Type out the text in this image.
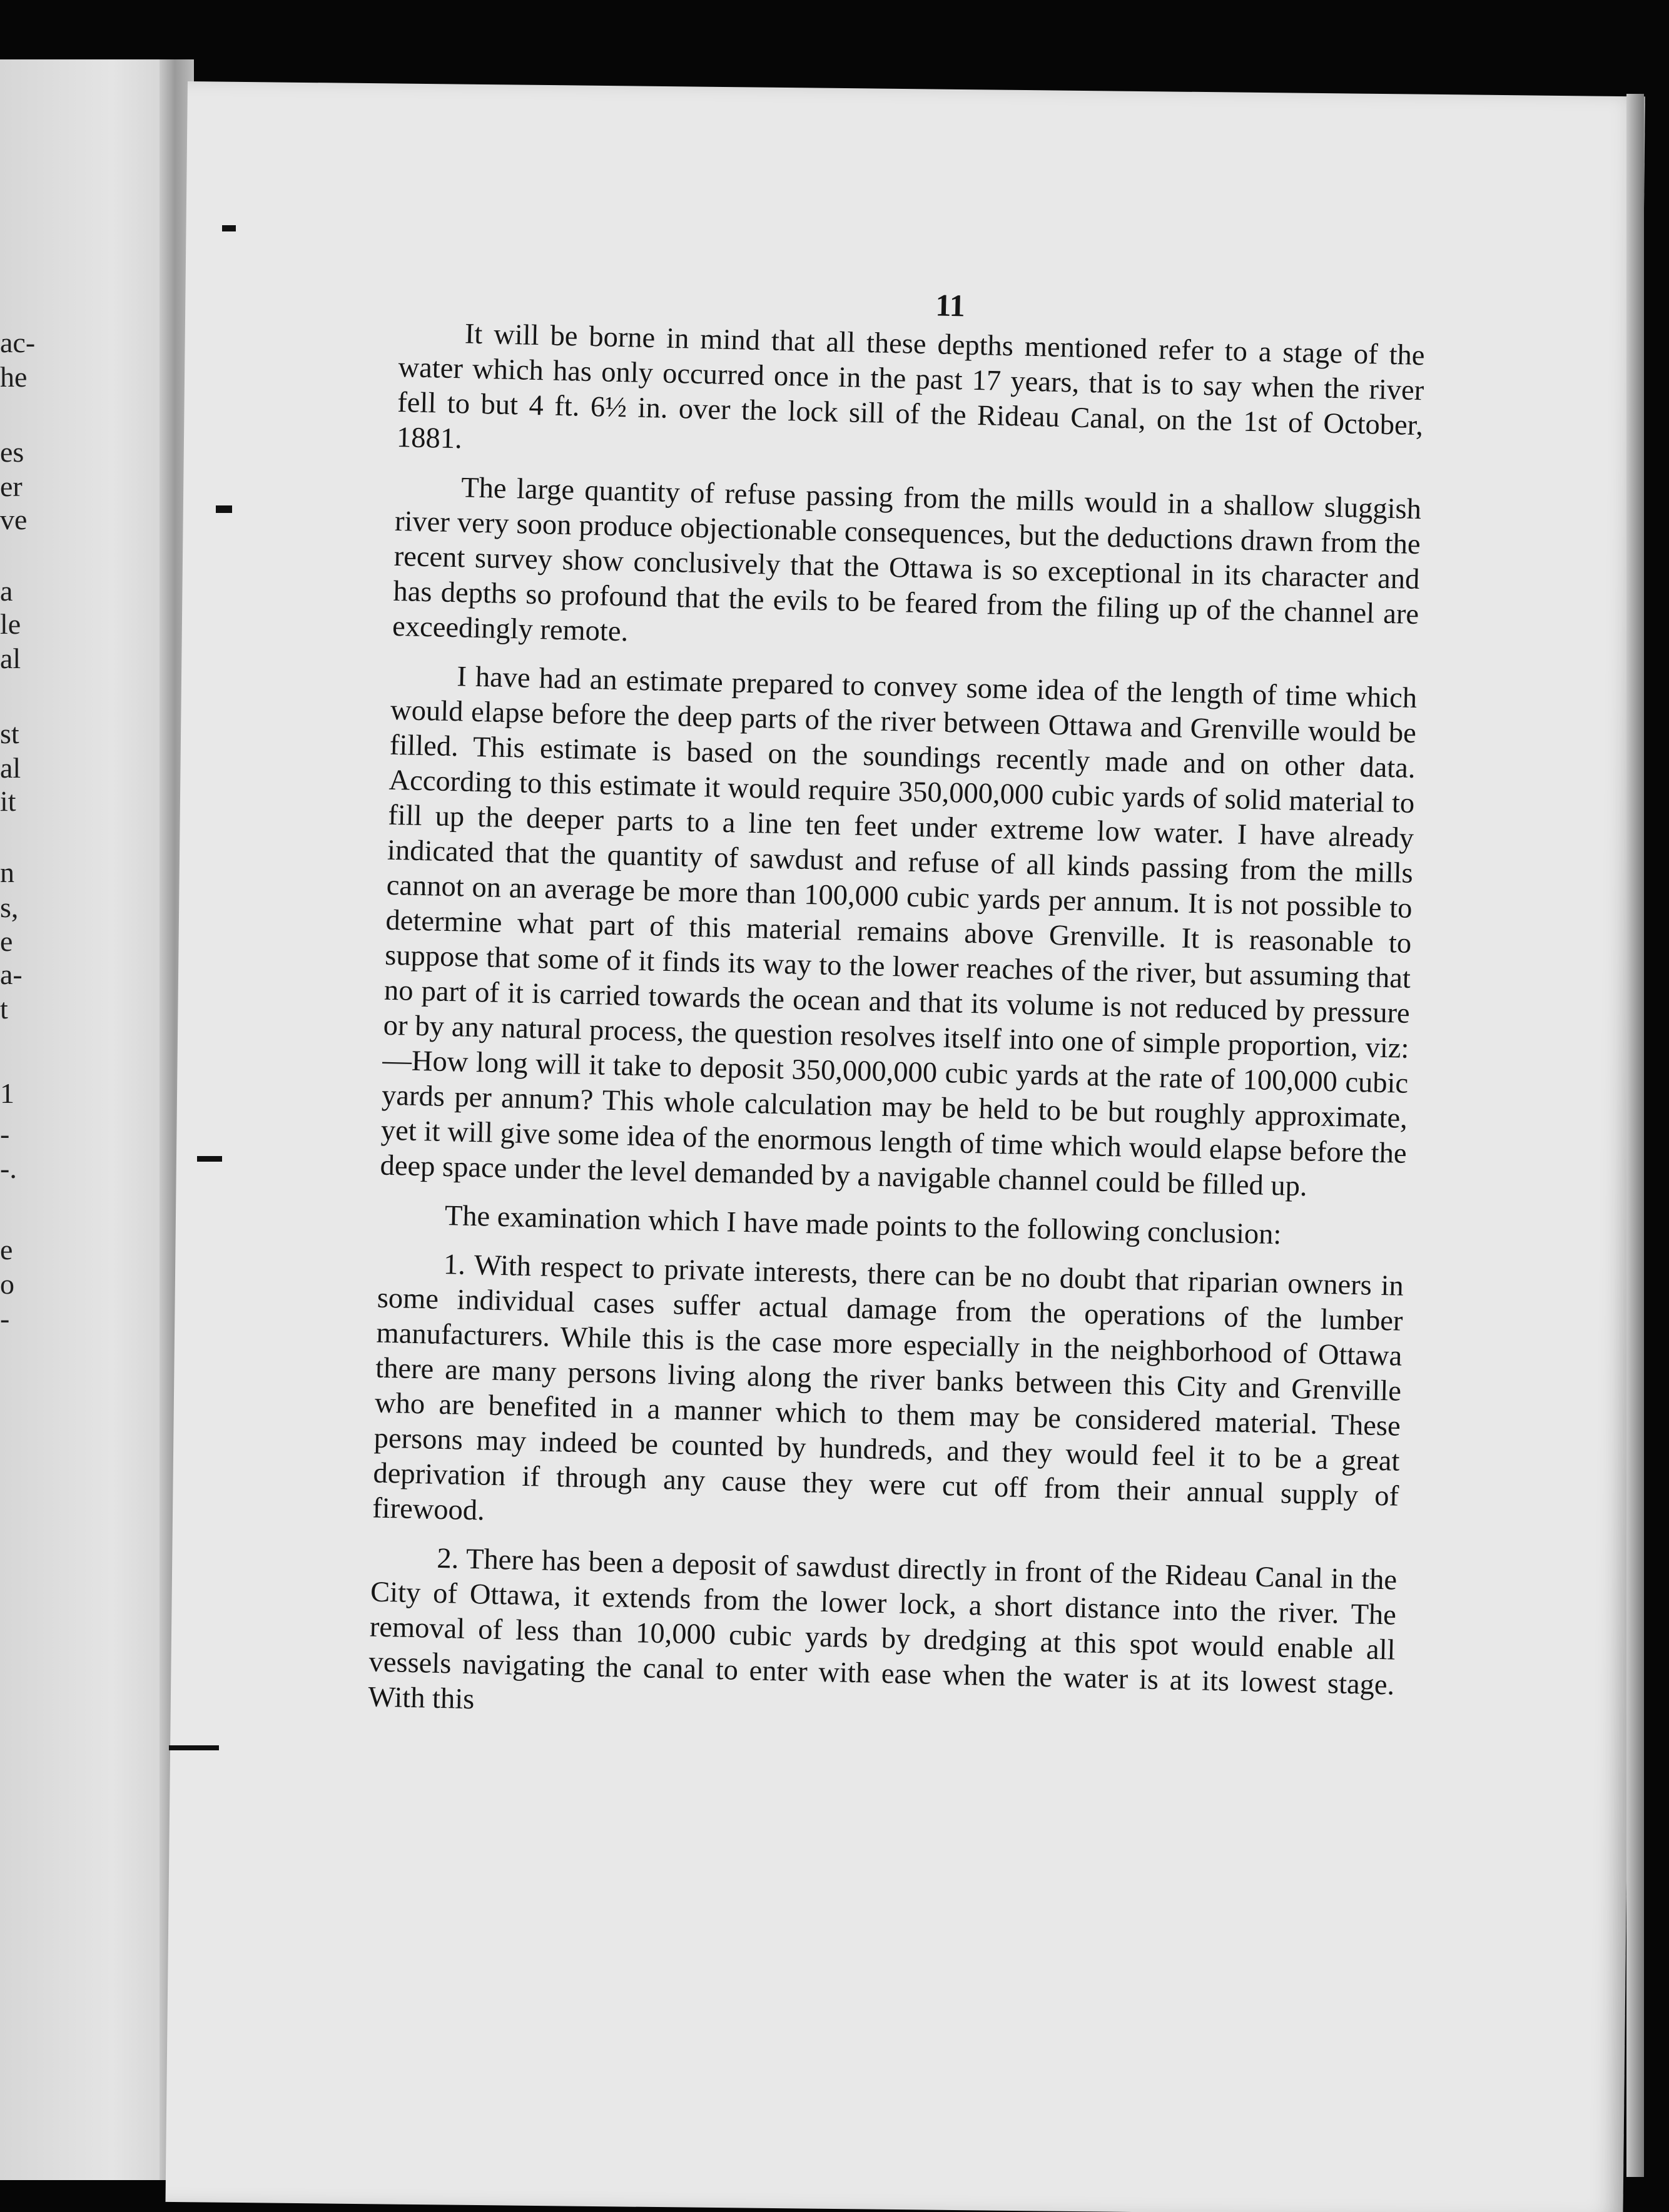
ac-

he

es

er

ve

a

le

al

st

al

it

n

s,

e

a-

t

1

-

-.

e

o

-

11

It will be borne in mind that all these depths mentioned refer to a stage of the water which has only occurred once in the past 17 years, that is to say when the river fell to but 4 ft. 6½ in. over the lock sill of the Rideau Canal, on the 1st of October, 1881.

The large quantity of refuse passing from the mills would in a shallow sluggish river very soon produce objectionable consequences, but the deductions drawn from the recent survey show conclusively that the Ottawa is so exceptional in its character and has depths so profound that the evils to be feared from the filing up of the channel are exceedingly remote.

I have had an estimate prepared to convey some idea of the length of time which would elapse before the deep parts of the river between Ottawa and Grenville would be filled. This estimate is based on the soundings recently made and on other data. According to this estimate it would require 350,000,000 cubic yards of solid material to fill up the deeper parts to a line ten feet under extreme low water. I have already indicated that the quantity of sawdust and refuse of all kinds passing from the mills cannot on an average be more than 100,000 cubic yards per annum. It is not possible to determine what part of this material remains above Grenville. It is reasonable to suppose that some of it finds its way to the lower reaches of the river, but assuming that no part of it is carried towards the ocean and that its volume is not reduced by pressure or by any natural process, the question resolves itself into one of simple proportion, viz:—How long will it take to deposit 350,000,000 cubic yards at the rate of 100,000 cubic yards per annum? This whole calculation may be held to be but roughly approximate, yet it will give some idea of the enormous length of time which would elapse before the deep space under the level demanded by a navigable channel could be filled up.

The examination which I have made points to the following conclusion:

1. With respect to private interests, there can be no doubt that riparian owners in some individual cases suffer actual damage from the operations of the lumber manufacturers. While this is the case more especially in the neighborhood of Ottawa there are many persons living along the river banks between this City and Grenville who are benefited in a manner which to them may be considered material. These persons may indeed be counted by hundreds, and they would feel it to be a great deprivation if through any cause they were cut off from their annual supply of firewood.

2. There has been a deposit of sawdust directly in front of the Rideau Canal in the City of Ottawa, it extends from the lower lock, a short distance into the river. The removal of less than 10,000 cubic yards by dredging at this spot would enable all vessels navigating the canal to enter with ease when the water is at its lowest stage. With this
